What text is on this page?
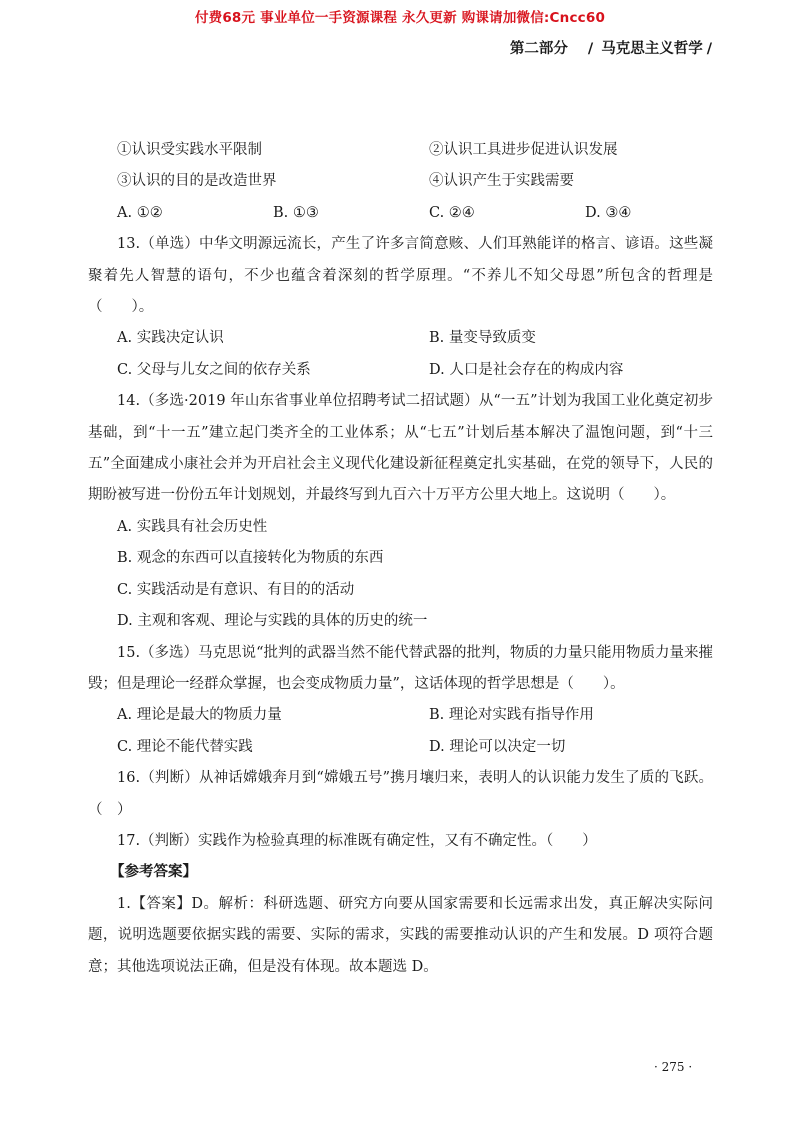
付费68元 事业单位一手资源课程 永久更新 购课请加微信:Cncc60
第二部分 / 马克思主义哲学 /
①认识受实践水平限制	②认识工具进步促进认识发展
③认识的目的是改造世界	④认识产生于实践需要
A. ①②	B. ①③	C. ②④	D. ③④
13.（单选）中华文明源远流长，产生了许多言简意赅、人们耳熟能详的格言、谚语。这些凝聚着先人智慧的语句，不少也蕴含着深刻的哲学原理。“不养儿不知父母恩”所包含的哲理是（　　）。
A. 实践决定认识	B. 量变导致质变
C. 父母与儿女之间的依存关系	D. 人口是社会存在的构成内容
14.（多选·2019 年山东省事业单位招聘考试二招试题）从“一五”计划为我国工业化奠定初步基础，到“十一五”建立起门类齐全的工业体系；从“七五”计划后基本解决了温饱问题，到“十三五”全面建成小康社会并为开启社会主义现代化建设新征程奠定扎实基础，在党的领导下，人民的期盼被写进一份份五年计划规划，并最终写到九百六十万平方公里大地上。这说明（　　）。
A. 实践具有社会历史性
B. 观念的东西可以直接转化为物质的东西
C. 实践活动是有意识、有目的的活动
D. 主观和客观、理论与实践的具体的历史的统一
15.（多选）马克思说“批判的武器当然不能代替武器的批判，物质的力量只能用物质力量来摧毁；但是理论一经群众掌握，也会变成物质力量”，这话体现的哲学思想是（　　）。
A. 理论是最大的物质力量	B. 理论对实践有指导作用
C. 理论不能代替实践	D. 理论可以决定一切
16.（判断）从神话嫦娥奔月到“嫦娥五号”携月壤归来，表明人的认识能力发生了质的飞跃。（　）
17.（判断）实践作为检验真理的标准既有确定性，又有不确定性。（　　）
【参考答案】
1.【答案】D。解析：科研选题、研究方向要从国家需要和长远需求出发，真正解决实际问题，说明选题要依据实践的需要、实际的需求，实践的需要推动认识的产生和发展。D 项符合题意；其他选项说法正确，但是没有体现。故本题选 D。
· 275 ·
